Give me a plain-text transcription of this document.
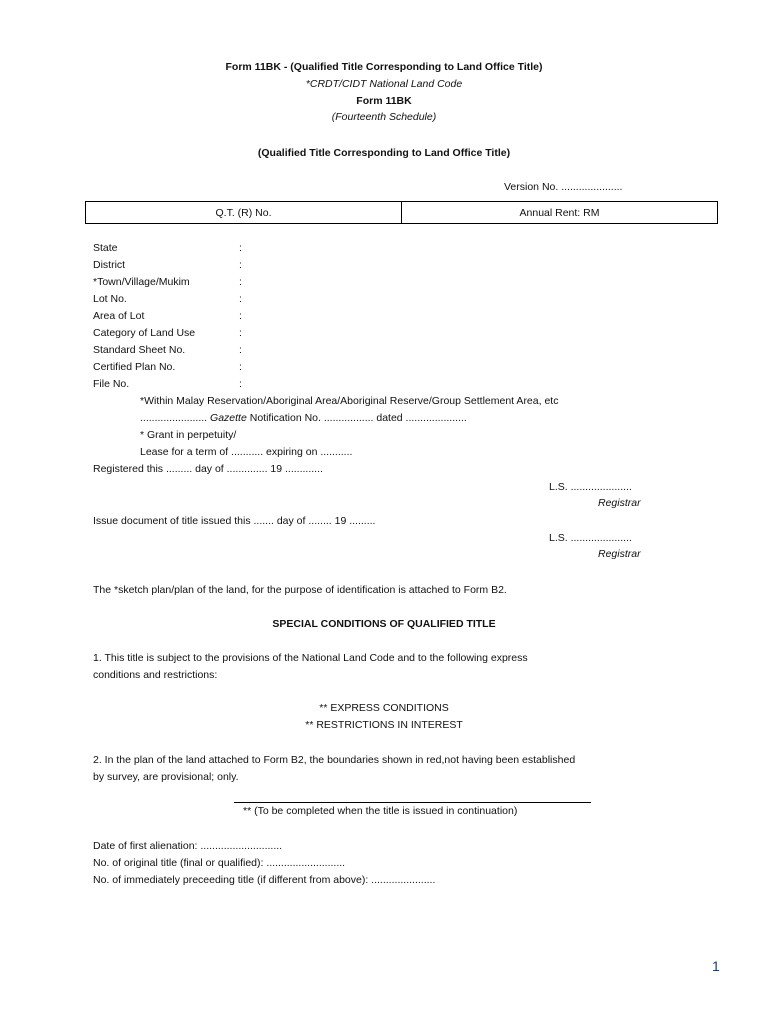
Form 11BK - (Qualified Title Corresponding to Land Office Title)
*CRDT/CIDT National Land Code
Form 11BK
(Fourteenth Schedule)
(Qualified Title Corresponding to Land Office Title)
Version No. .....................
Q.T. (R) No.	Annual Rent: RM
State	:
District	:
*Town/Village/Mukim	:
Lot No.	:
Area of Lot	:
Category of Land Use	:
Standard Sheet No.	:
Certified Plan No.	:
File No.	:
*Within Malay Reservation/Aboriginal Area/Aboriginal Reserve/Group Settlement Area, etc
....................... Gazette Notification No. ................. dated .....................
* Grant in perpetuity/
Lease for a term of ........... expiring on ...........
Registered this ......... day of .............. 19 .............
L.S. .....................
Registrar
Issue document of title issued this ....... day of ........ 19 .........
L.S. .....................
Registrar
The *sketch plan/plan of the land, for the purpose of identification is attached to Form B2.
SPECIAL CONDITIONS OF QUALIFIED TITLE
1. This title is subject to the provisions of the National Land Code and to the following express
conditions and restrictions:
** EXPRESS CONDITIONS
** RESTRICTIONS IN INTEREST
2. In the plan of the land attached to Form B2, the boundaries shown in red,not having been established
by survey, are provisional; only.
** (To be completed when the title is issued in continuation)
Date of first alienation: ............................
No. of original title (final or qualified): ...........................
No. of immediately preceeding title (if different from above): ......................
1
